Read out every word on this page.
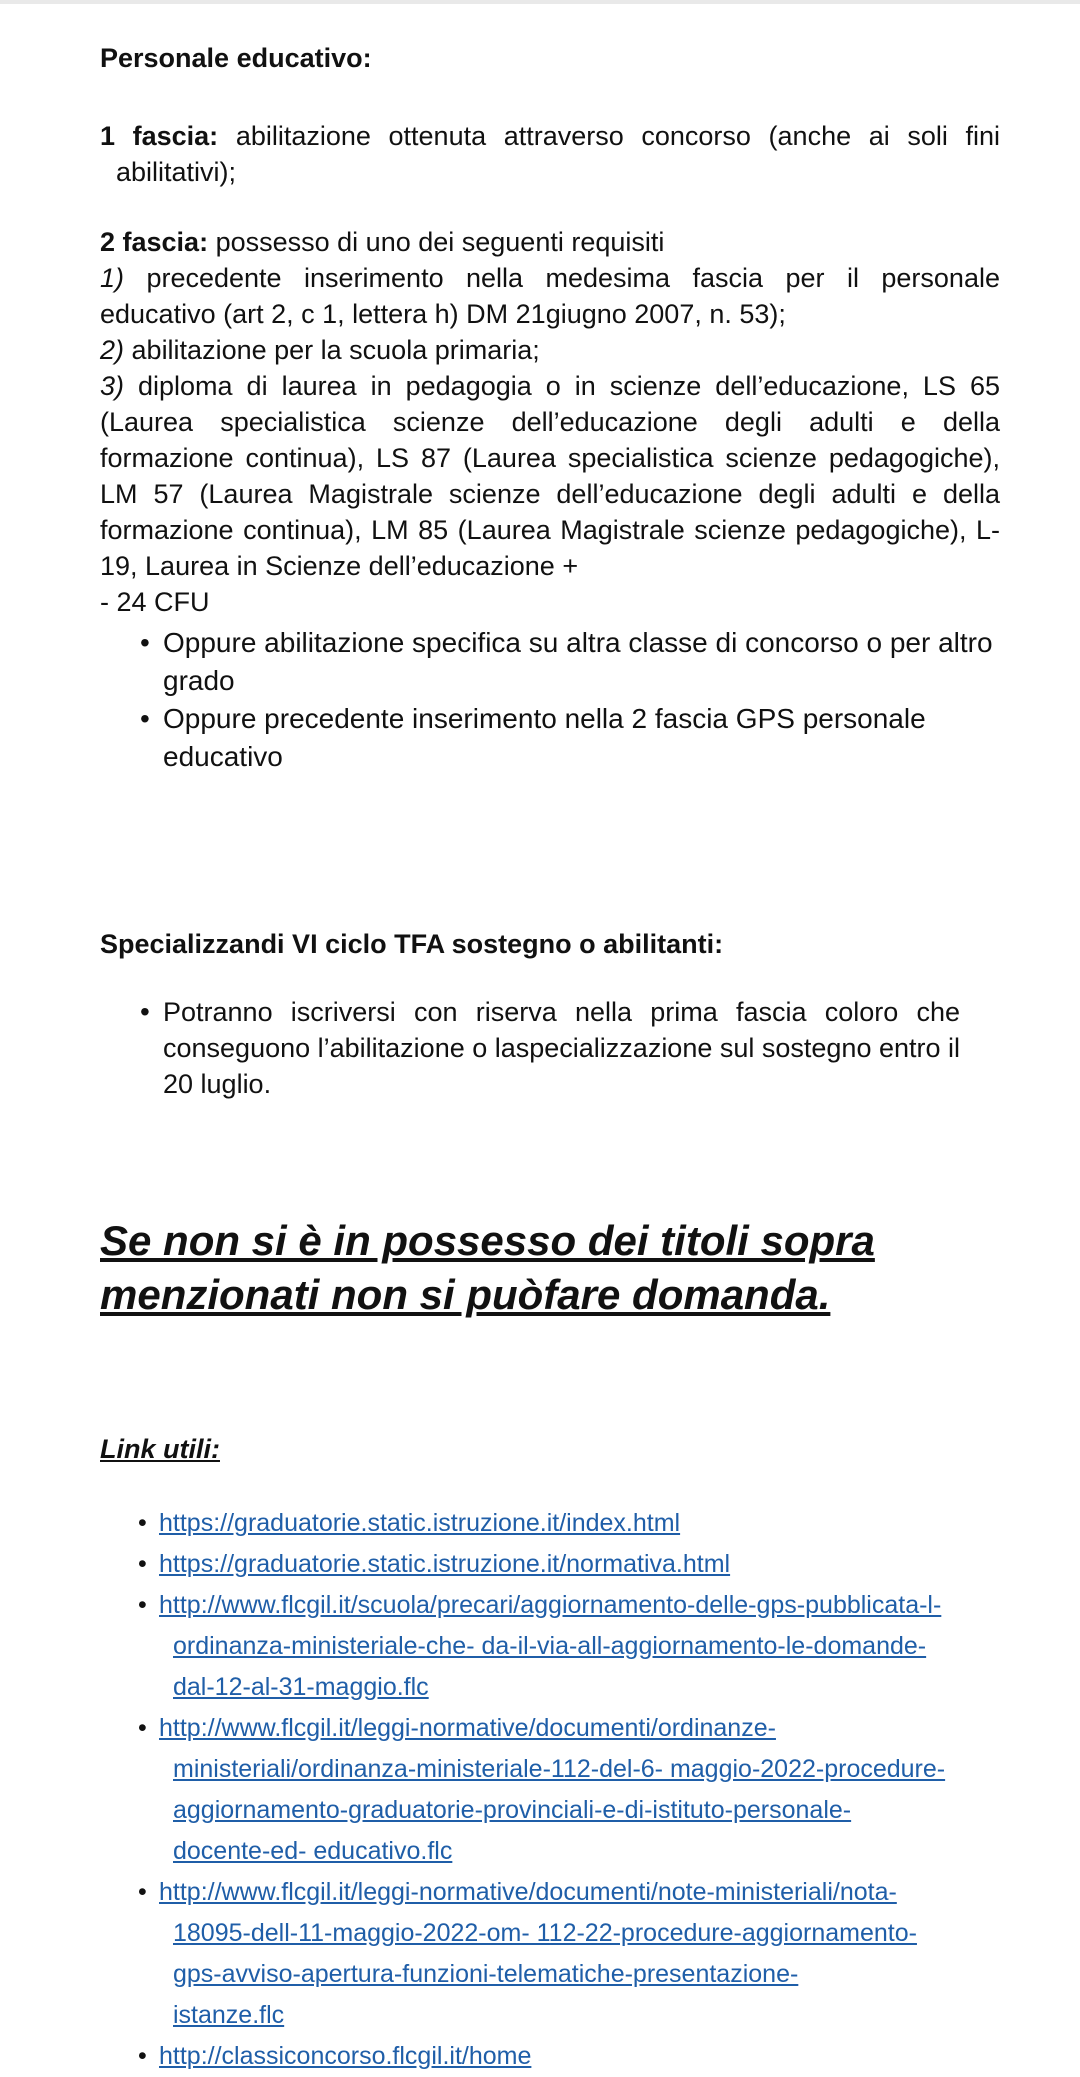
Personale educativo:

1 fascia: abilitazione ottenuta attraverso concorso (anche ai soli fini abilitativi);

2 fascia: possesso di uno dei seguenti requisiti

1) precedente inserimento nella medesima fascia per il personale educativo (art 2, c 1, lettera h) DM 21giugno 2007, n. 53);

2) abilitazione per la scuola primaria;

3) diploma di laurea in pedagogia o in scienze dell’educazione, LS 65 (Laurea specialistica scienze dell’educazione degli adulti e della formazione continua), LS 87 (Laurea specialistica scienze pedagogiche), LM 57 (Laurea Magistrale scienze dell’educazione degli adulti e della formazione continua), LM 85 (Laurea Magistrale scienze pedagogiche), L-19, Laurea in Scienze dell’educazione +

- 24 CFU

• Oppure abilitazione specifica su altra classe di concorso o per altro grado
• Oppure precedente inserimento nella 2 fascia GPS personale educativo
Specializzandi VI ciclo TFA sostegno o abilitanti:
• Potranno iscriversi con riserva nella prima fascia coloro che conseguono l’abilitazione o laspecializzazione sul sostegno entro il 20 luglio.

Se non si è in possesso dei titoli sopra

menzionati non si puòfare domanda.

Link utili:

• https://graduatorie.static.istruzione.it/index.html
• https://graduatorie.static.istruzione.it/normativa.html
• http://www.flcgil.it/scuola/precari/aggiornamento-delle-gps-pubblicata-l-
ordinanza-ministeriale-che- da-il-via-all-aggiornamento-le-domande-
dal-12-al-31-maggio.flc
• http://www.flcgil.it/leggi-normative/documenti/ordinanze-
ministeriali/ordinanza-ministeriale-112-del-6- maggio-2022-procedure-
aggiornamento-graduatorie-provinciali-e-di-istituto-personale-
docente-ed- educativo.flc
• http://www.flcgil.it/leggi-normative/documenti/note-ministeriali/nota-
18095-dell-11-maggio-2022-om- 112-22-procedure-aggiornamento-
gps-avviso-apertura-funzioni-telematiche-presentazione-
istanze.flc
• http://classiconcorso.flcgil.it/home
